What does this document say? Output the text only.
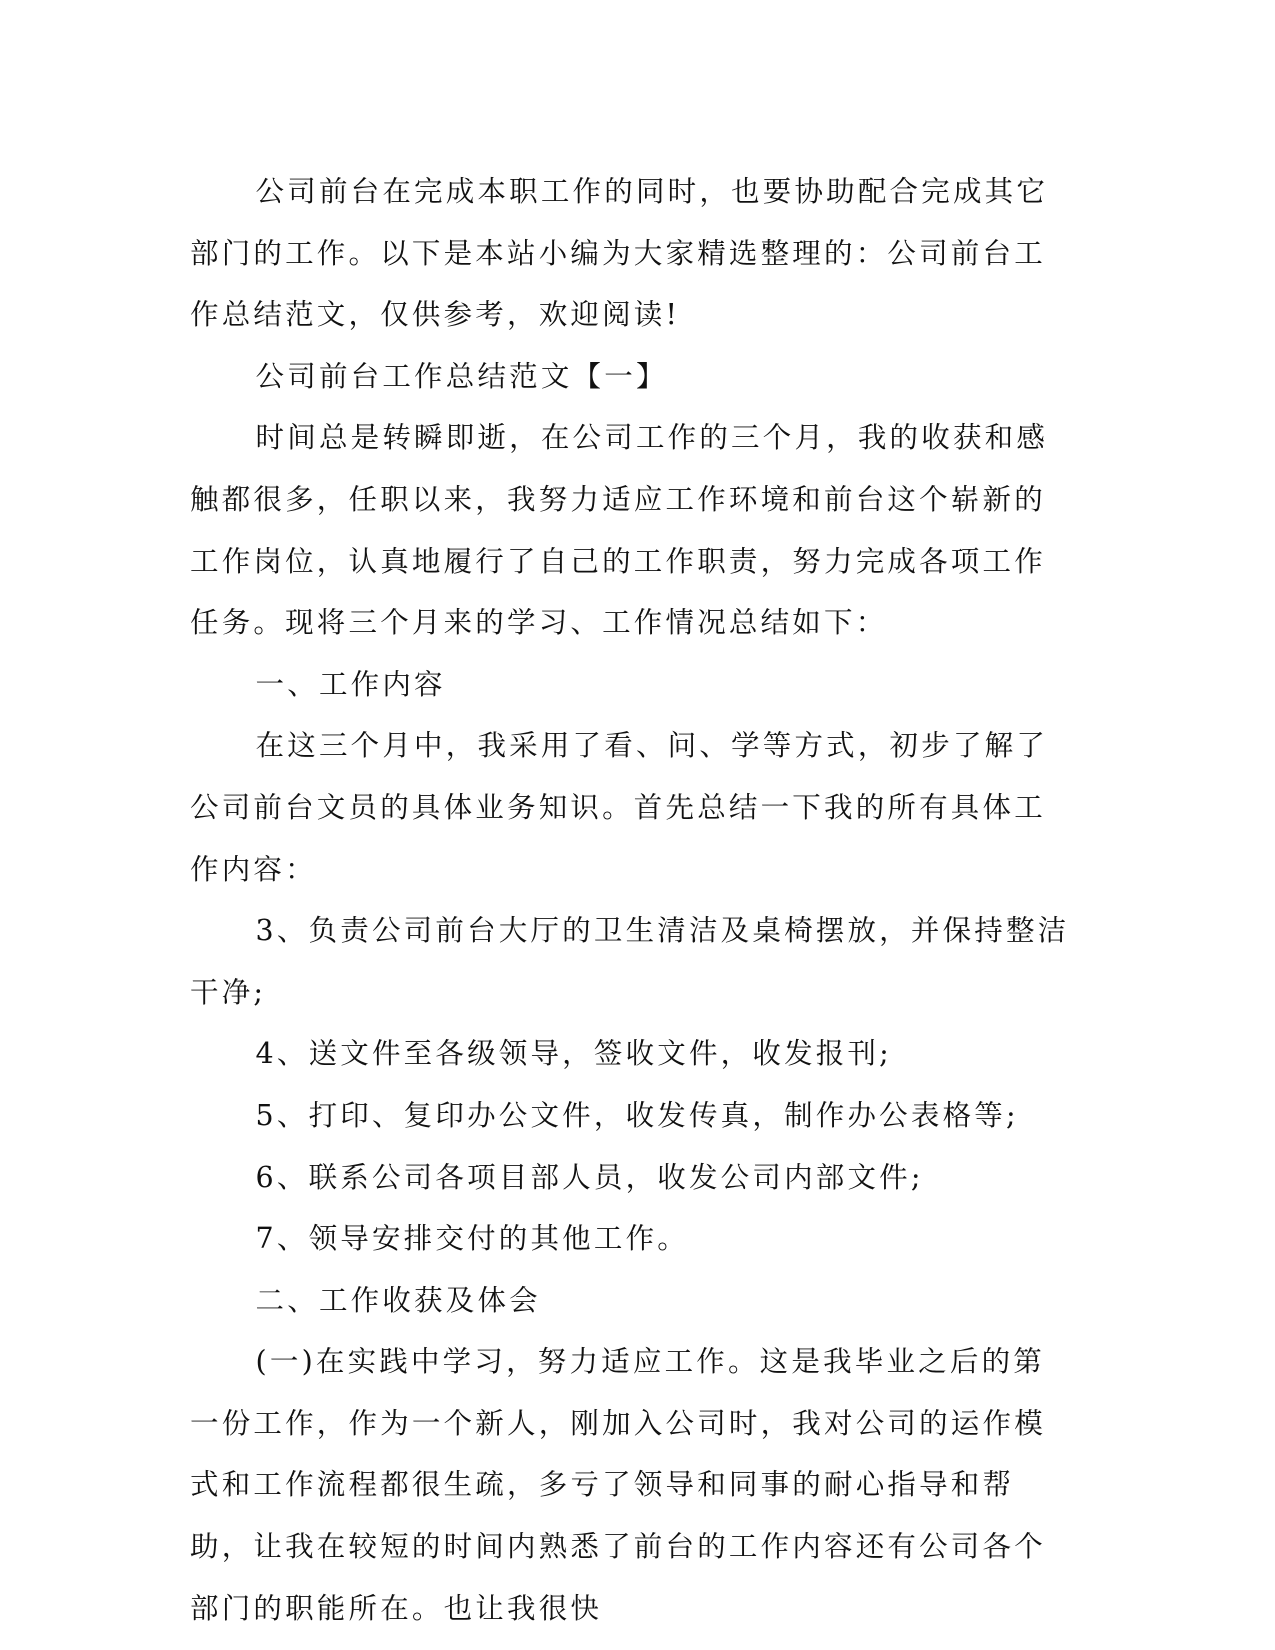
公司前台在完成本职工作的同时，也要协助配合完成其它部门的工作。以下是本站小编为大家精选整理的：公司前台工作总结范文，仅供参考，欢迎阅读!

公司前台工作总结范文【一】

时间总是转瞬即逝，在公司工作的三个月，我的收获和感触都很多，任职以来，我努力适应工作环境和前台这个崭新的工作岗位，认真地履行了自己的工作职责，努力完成各项工作任务。现将三个月来的学习、工作情况总结如下：

一、工作内容

在这三个月中，我采用了看、问、学等方式，初步了解了公司前台文员的具体业务知识。首先总结一下我的所有具体工作内容：

3、负责公司前台大厅的卫生清洁及桌椅摆放，并保持整洁干净;

4、送文件至各级领导，签收文件，收发报刊;

5、打印、复印办公文件，收发传真，制作办公表格等;

6、联系公司各项目部人员，收发公司内部文件;

7、领导安排交付的其他工作。

二、工作收获及体会

(一)在实践中学习，努力适应工作。这是我毕业之后的第一份工作，作为一个新人，刚加入公司时，我对公司的运作模式和工作流程都很生疏，多亏了领导和同事的耐心指导和帮助，让我在较短的时间内熟悉了前台的工作内容还有公司各个部门的职能所在。也让我很快
